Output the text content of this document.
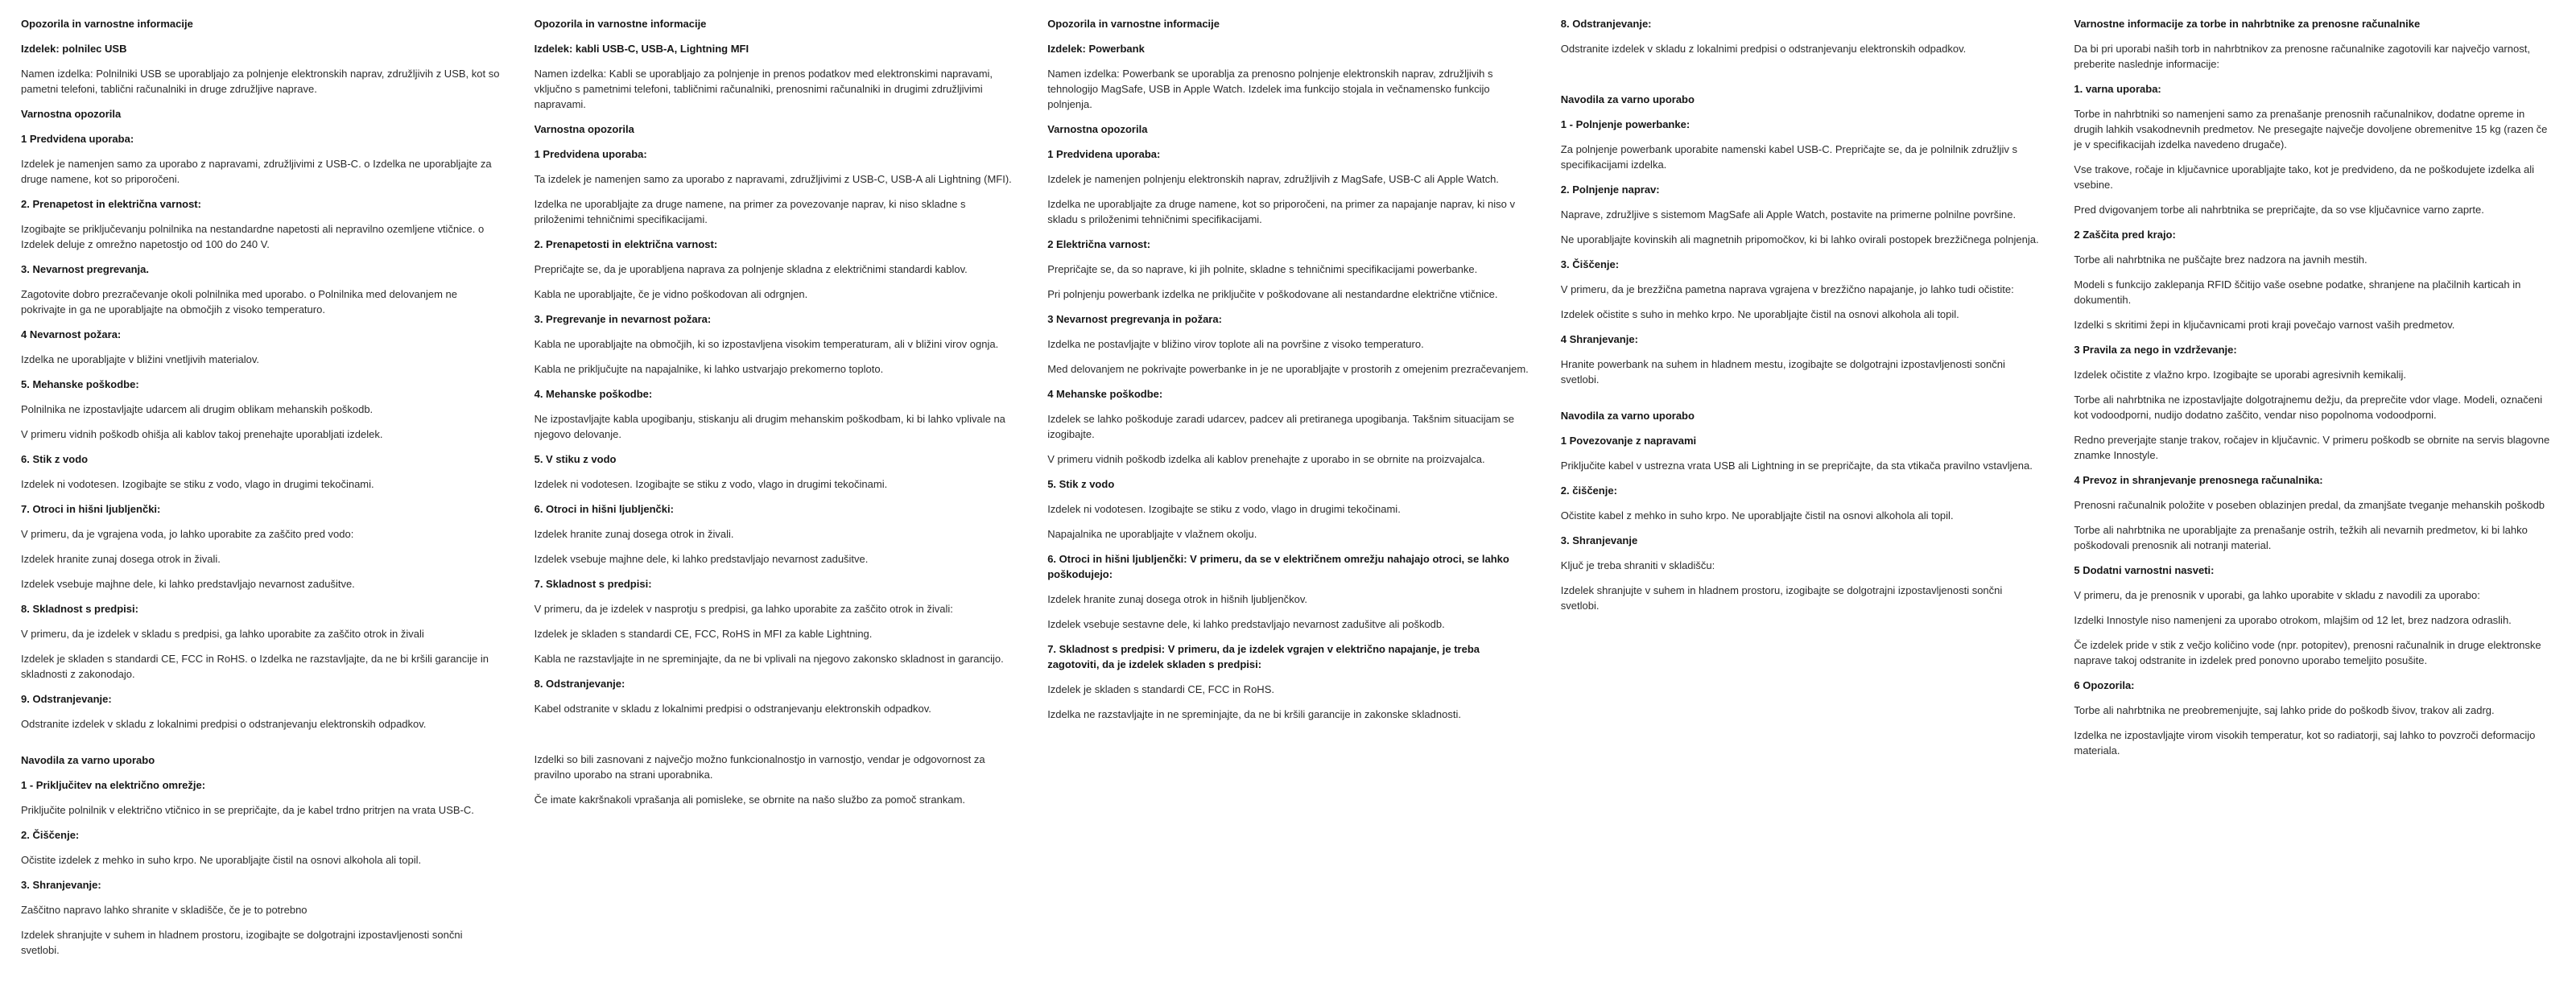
Opozorila in varnostne informacije
Izdelek: polnilec USB
Namen izdelka: Polnilniki USB se uporabljajo za polnjenje elektronskih naprav, združljivih z USB, kot so pametni telefoni, tablični računalniki in druge združljive naprave.
Varnostna opozorila
1 Predvidena uporaba:
Izdelek je namenjen samo za uporabo z napravami, združljivimi z USB-C. o Izdelka ne uporabljajte za druge namene, kot so priporočeni.
2. Prenapetost in električna varnost:
Izogibajte se priključevanju polnilnika na nestandardne napetosti ali nepravilno ozemljene vtičnice. o Izdelek deluje z omrežno napetostjo od 100 do 240 V.
3. Nevarnost pregrevanja.
Zagotovite dobro prezračevanje okoli polnilnika med uporabo. o Polnilnika med delovanjem ne pokrivajte in ga ne uporabljajte na območjih z visoko temperaturo.
4 Nevarnost požara:
Izdelka ne uporabljajte v bližini vnetljivih materialov.
5. Mehanske poškodbe:
Polnilnika ne izpostavljajte udarcem ali drugim oblikam mehanskih poškodb.
V primeru vidnih poškodb ohišja ali kablov takoj prenehajte uporabljati izdelek.
6. Stik z vodo
Izdelek ni vodotesen. Izogibajte se stiku z vodo, vlago in drugimi tekočinami.
7. Otroci in hišni ljubljenčki:
V primeru, da je vgrajena voda, jo lahko uporabite za zaščito pred vodo:
Izdelek hranite zunaj dosega otrok in živali.
Izdelek vsebuje majhne dele, ki lahko predstavljajo nevarnost zadušitve.
8. Skladnost s predpisi:
V primeru, da je izdelek v skladu s predpisi, ga lahko uporabite za zaščito otrok in živali
Izdelek je skladen s standardi CE, FCC in RoHS. o Izdelka ne razstavljajte, da ne bi kršili garancije in skladnosti z zakonodajo.
9. Odstranjevanje:
Odstranite izdelek v skladu z lokalnimi predpisi o odstranjevanju elektronskih odpadkov.
Navodila za varno uporabo
1 - Priključitev na električno omrežje:
Priključite polnilnik v električno vtičnico in se prepričajte, da je kabel trdno pritrjen na vrata USB-C.
2. Čiščenje:
Očistite izdelek z mehko in suho krpo. Ne uporabljajte čistil na osnovi alkohola ali topil.
3. Shranjevanje:
Zaščitno napravo lahko shranite v skladišče, če je to potrebno
Izdelek shranjujte v suhem in hladnem prostoru, izogibajte se dolgotrajni izpostavljenosti sončni svetlobi.
Opozorila in varnostne informacije
Izdelek: kabli USB-C, USB-A, Lightning MFI
Namen izdelka: Kabli se uporabljajo za polnjenje in prenos podatkov med elektronskimi napravami, vključno s pametnimi telefoni, tabličnimi računalniki, prenosnimi računalniki in drugimi združljivimi napravami.
Varnostna opozorila
1 Predvidena uporaba:
Ta izdelek je namenjen samo za uporabo z napravami, združljivimi z USB-C, USB-A ali Lightning (MFI).
Izdelka ne uporabljajte za druge namene, na primer za povezovanje naprav, ki niso skladne s priloženimi tehničnimi specifikacijami.
2. Prenapetosti in električna varnost:
Prepričajte se, da je uporabljena naprava za polnjenje skladna z električnimi standardi kablov.
Kabla ne uporabljajte, če je vidno poškodovan ali odrgnjen.
3. Pregrevanje in nevarnost požara:
Kabla ne uporabljajte na območjih, ki so izpostavljena visokim temperaturam, ali v bližini virov ognja.
Kabla ne priključujte na napajalnike, ki lahko ustvarjajo prekomerno toploto.
4. Mehanske poškodbe:
Ne izpostavljajte kabla upogibanju, stiskanju ali drugim mehanskim poškodbam, ki bi lahko vplivale na njegovo delovanje.
5. V stiku z vodo
Izdelek ni vodotesen. Izogibajte se stiku z vodo, vlago in drugimi tekočinami.
6. Otroci in hišni ljubljenčki:
Izdelek hranite zunaj dosega otrok in živali.
Izdelek vsebuje majhne dele, ki lahko predstavljajo nevarnost zadušitve.
7. Skladnost s predpisi:
V primeru, da je izdelek v nasprotju s predpisi, ga lahko uporabite za zaščito otrok in živali:
Izdelek je skladen s standardi CE, FCC, RoHS in MFI za kable Lightning.
Kabla ne razstavljajte in ne spreminjajte, da ne bi vplivali na njegovo zakonsko skladnost in garancijo.
8. Odstranjevanje:
Kabel odstranite v skladu z lokalnimi predpisi o odstranjevanju elektronskih odpadkov.
Izdelki so bili zasnovani z največjo možno funkcionalnostjo in varnostjo, vendar je odgovornost za pravilno uporabo na strani uporabnika.
Če imate kakršnakoli vprašanja ali pomisleke, se obrnite na našo službo za pomoč strankam.
Opozorila in varnostne informacije
Izdelek: Powerbank
Namen izdelka: Powerbank se uporablja za prenosno polnjenje elektronskih naprav, združljivih s tehnologijo MagSafe, USB in Apple Watch. Izdelek ima funkcijo stojala in večnamensko funkcijo polnjenja.
Varnostna opozorila
1 Predvidena uporaba:
Izdelek je namenjen polnjenju elektronskih naprav, združljivih z MagSafe, USB-C ali Apple Watch.
Izdelka ne uporabljajte za druge namene, kot so priporočeni, na primer za napajanje naprav, ki niso v skladu s priloženimi tehničnimi specifikacijami.
2 Električna varnost:
Prepričajte se, da so naprave, ki jih polnite, skladne s tehničnimi specifikacijami powerbanke.
Pri polnjenju powerbank izdelka ne priključite v poškodovane ali nestandardne električne vtičnice.
3 Nevarnost pregrevanja in požara:
Izdelka ne postavljajte v bližino virov toplote ali na površine z visoko temperaturo.
Med delovanjem ne pokrivajte powerbanke in je ne uporabljajte v prostorih z omejenim prezračevanjem.
4 Mehanske poškodbe:
Izdelek se lahko poškoduje zaradi udarcev, padcev ali pretiranega upogibanja. Takšnim situacijam se izogibajte.
V primeru vidnih poškodb izdelka ali kablov prenehajte z uporabo in se obrnite na proizvajalca.
5. Stik z vodo
Izdelek ni vodotesen. Izogibajte se stiku z vodo, vlago in drugimi tekočinami.
Napajalnika ne uporabljajte v vlažnem okolju.
6. Otroci in hišni ljubljenčki: V primeru, da se v električnem omrežju nahajajo otroci, se lahko poškodujejo:
Izdelek hranite zunaj dosega otrok in hišnih ljubljenčkov.
Izdelek vsebuje sestavne dele, ki lahko predstavljajo nevarnost zadušitve ali poškodb.
7. Skladnost s predpisi: V primeru, da je izdelek vgrajen v električno napajanje, je treba zagotoviti, da je izdelek skladen s predpisi:
Izdelek je skladen s standardi CE, FCC in RoHS.
Izdelka ne razstavljajte in ne spreminjajte, da ne bi kršili garancije in zakonske skladnosti.
8. Odstranjevanje:
Odstranite izdelek v skladu z lokalnimi predpisi o odstranjevanju elektronskih odpadkov.
Navodila za varno uporabo
1 - Polnjenje powerbanke:
Za polnjenje powerbank uporabite namenski kabel USB-C. Prepričajte se, da je polnilnik združljiv s specifikacijami izdelka.
2. Polnjenje naprav:
Naprave, združljive s sistemom MagSafe ali Apple Watch, postavite na primerne polnilne površine.
Ne uporabljajte kovinskih ali magnetnih pripomočkov, ki bi lahko ovirali postopek brezžičnega polnjenja.
3. Čiščenje:
V primeru, da je brezžična pametna naprava vgrajena v brezžično napajanje, jo lahko tudi očistite:
Izdelek očistite s suho in mehko krpo. Ne uporabljajte čistil na osnovi alkohola ali topil.
4 Shranjevanje:
Hranite powerbank na suhem in hladnem mestu, izogibajte se dolgotrajni izpostavljenosti sončni svetlobi.
Navodila za varno uporabo
1 Povezovanje z napravami
Priključite kabel v ustrezna vrata USB ali Lightning in se prepričajte, da sta vtikača pravilno vstavljena.
2. čiščenje:
Očistite kabel z mehko in suho krpo. Ne uporabljajte čistil na osnovi alkohola ali topil.
3. Shranjevanje
Ključ je treba shraniti v skladišču:
Izdelek shranjujte v suhem in hladnem prostoru, izogibajte se dolgotrajni izpostavljenosti sončni svetlobi.
Varnostne informacije za torbe in nahrbtnike za prenosne računalnike
Da bi pri uporabi naših torb in nahrbtnikov za prenosne računalnike zagotovili kar največjo varnost, preberite naslednje informacije:
1. varna uporaba:
Torbe in nahrbtniki so namenjeni samo za prenašanje prenosnih računalnikov, dodatne opreme in drugih lahkih vsakodnevnih predmetov. Ne presegajte največje dovoljene obremenitve 15 kg (razen če je v specifikacijah izdelka navedeno drugače).
Vse trakove, ročaje in ključavnice uporabljajte tako, kot je predvideno, da ne poškodujete izdelka ali vsebine.
Pred dvigovanjem torbe ali nahrbtnika se prepričajte, da so vse ključavnice varno zaprte.
2 Zaščita pred krajo:
Torbe ali nahrbtnika ne puščajte brez nadzora na javnih mestih.
Modeli s funkcijo zaklepanja RFID ščitijo vaše osebne podatke, shranjene na plačilnih karticah in dokumentih.
Izdelki s skritimi žepi in ključavnicami proti kraji povečajo varnost vaših predmetov.
3 Pravila za nego in vzdrževanje:
Izdelek očistite z vlažno krpo. Izogibajte se uporabi agresivnih kemikalij.
Torbe ali nahrbtnika ne izpostavljajte dolgotrajnemu dežju, da preprečite vdor vlage. Modeli, označeni kot vodoodporni, nudijo dodatno zaščito, vendar niso popolnoma vodoodporni.
Redno preverjajte stanje trakov, ročajev in ključavnic. V primeru poškodb se obrnite na servis blagovne znamke Innostyle.
4 Prevoz in shranjevanje prenosnega računalnika:
Prenosni računalnik položite v poseben oblazinjen predal, da zmanjšate tveganje mehanskih poškodb
Torbe ali nahrbtnika ne uporabljajte za prenašanje ostrih, težkih ali nevarnih predmetov, ki bi lahko poškodovali prenosnik ali notranji material.
5 Dodatni varnostni nasveti:
V primeru, da je prenosnik v uporabi, ga lahko uporabite v skladu z navodili za uporabo:
Izdelki Innostyle niso namenjeni za uporabo otrokom, mlajšim od 12 let, brez nadzora odraslih.
Če izdelek pride v stik z večjo količino vode (npr. potopitev), prenosni računalnik in druge elektronske naprave takoj odstranite in izdelek pred ponovno uporabo temeljito posušite.
6 Opozorila:
Torbe ali nahrbtnika ne preobremenjujte, saj lahko pride do poškodb šivov, trakov ali zadrg.
Izdelka ne izpostavljajte virom visokih temperatur, kot so radiatorji, saj lahko to povzroči deformacijo materiala.
